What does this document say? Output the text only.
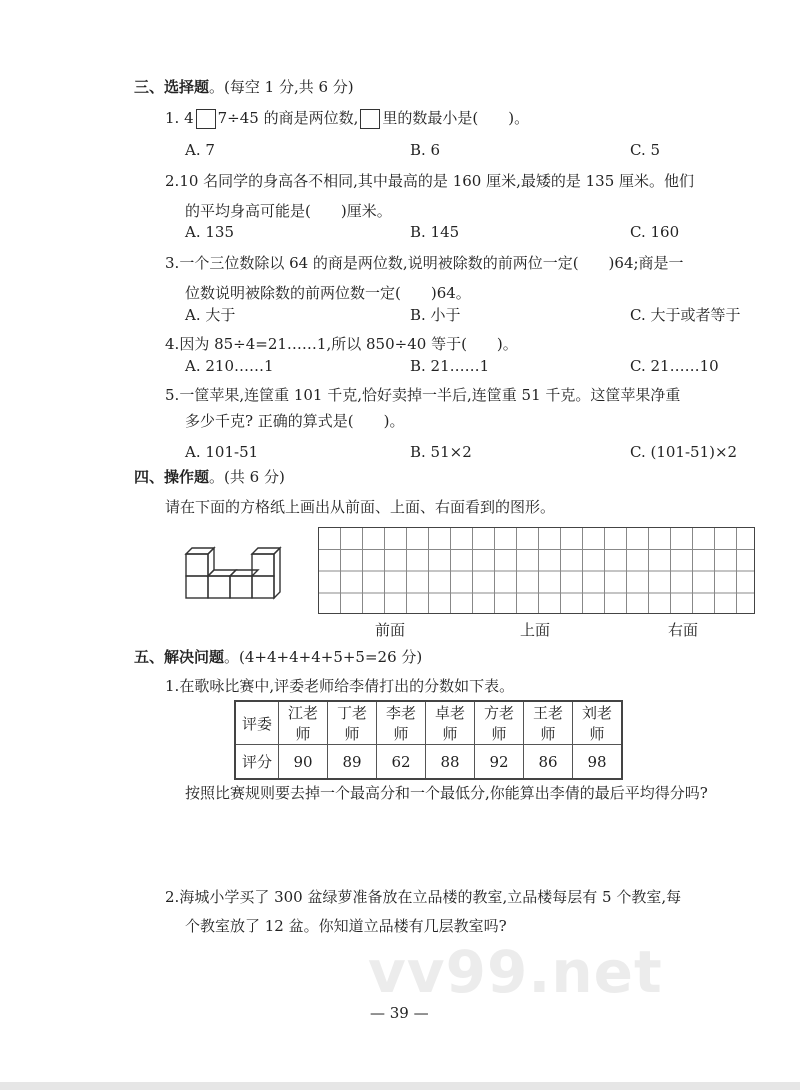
三、选择题。(每空 1 分,共 6 分)
1. 4 7÷45 的商是两位数, 里的数最小是(　　)。
A. 7	B. 6	C. 5
2.10 名同学的身高各不相同,其中最高的是 160 厘米,最矮的是 135 厘米。他们
的平均身高可能是(　　)厘米。
A. 135	B. 145	C. 160
3.一个三位数除以 64 的商是两位数,说明被除数的前两位一定(　　)64;商是一
位数说明被除数的前两位数一定(　　)64。
A. 大于	B. 小于	C. 大于或者等于
4.因为 85÷4=21……1,所以 850÷40 等于(　　)。
A. 210……1	B. 21……1	C. 21……10
5.一筐苹果,连筐重 101 千克,恰好卖掉一半后,连筐重 51 千克。这筐苹果净重
多少千克? 正确的算式是(　　)。
A. 101-51	B. 51×2	C. (101-51)×2
四、操作题。(共 6 分)
请在下面的方格纸上画出从前面、上面、右面看到的图形。
前面	上面	右面
五、解决问题。(4+4+4+4+5+5=26 分)
1.在歌咏比赛中,评委老师给李倩打出的分数如下表。
评委	江老师	丁老师	李老师	卓老师	方老师	王老师	刘老师
评分	90	89	62	88	92	86	98
按照比赛规则要去掉一个最高分和一个最低分,你能算出李倩的最后平均得分吗?
2.海城小学买了 300 盆绿萝准备放在立品楼的教室,立品楼每层有 5 个教室,每
个教室放了 12 盆。你知道立品楼有几层教室吗?
vv99.net
— 39 —
